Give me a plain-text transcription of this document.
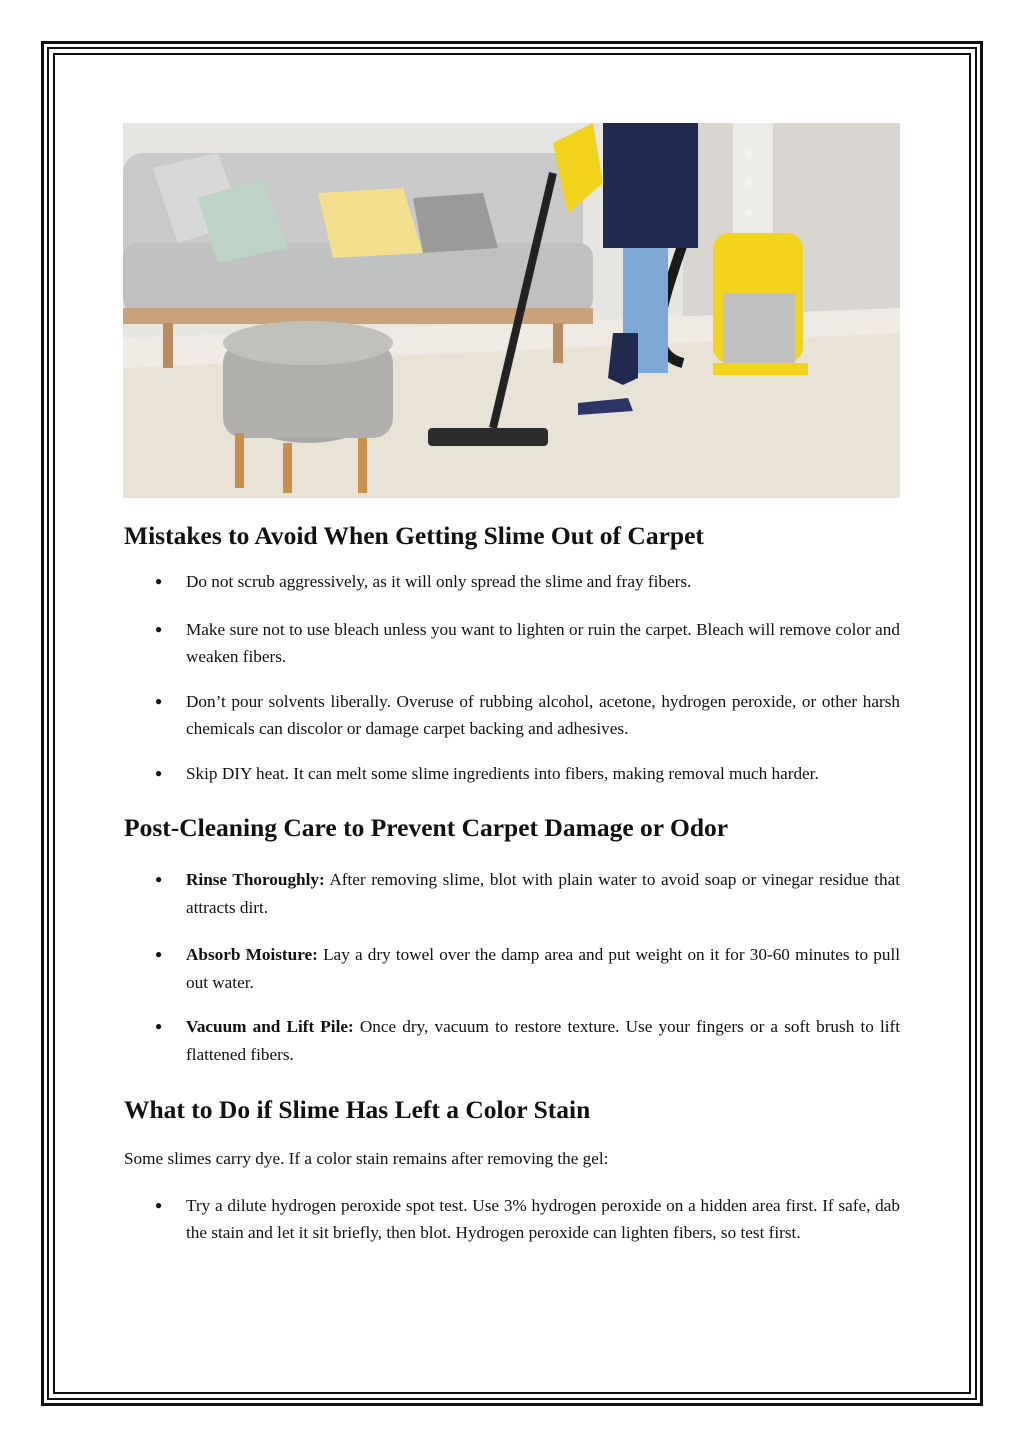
Mistakes to Avoid When Getting Slime Out of Carpet
● Do not scrub aggressively, as it will only spread the slime and fray fibers.
● Make sure not to use bleach unless you want to lighten or ruin the carpet. Bleach will remove color and weaken fibers.
● Don’t pour solvents liberally. Overuse of rubbing alcohol, acetone, hydrogen peroxide, or other harsh chemicals can discolor or damage carpet backing and adhesives.
● Skip DIY heat. It can melt some slime ingredients into fibers, making removal much harder.
Post-Cleaning Care to Prevent Carpet Damage or Odor
● Rinse Thoroughly: After removing slime, blot with plain water to avoid soap or vinegar residue that attracts dirt.
● Absorb Moisture: Lay a dry towel over the damp area and put weight on it for 30-60 minutes to pull out water.
● Vacuum and Lift Pile: Once dry, vacuum to restore texture. Use your fingers or a soft brush to lift flattened fibers.
What to Do if Slime Has Left a Color Stain

Some slimes carry dye. If a color stain remains after removing the gel:

● Try a dilute hydrogen peroxide spot test. Use 3% hydrogen peroxide on a hidden area first. If safe, dab the stain and let it sit briefly, then blot. Hydrogen peroxide can lighten fibers, so test first.
